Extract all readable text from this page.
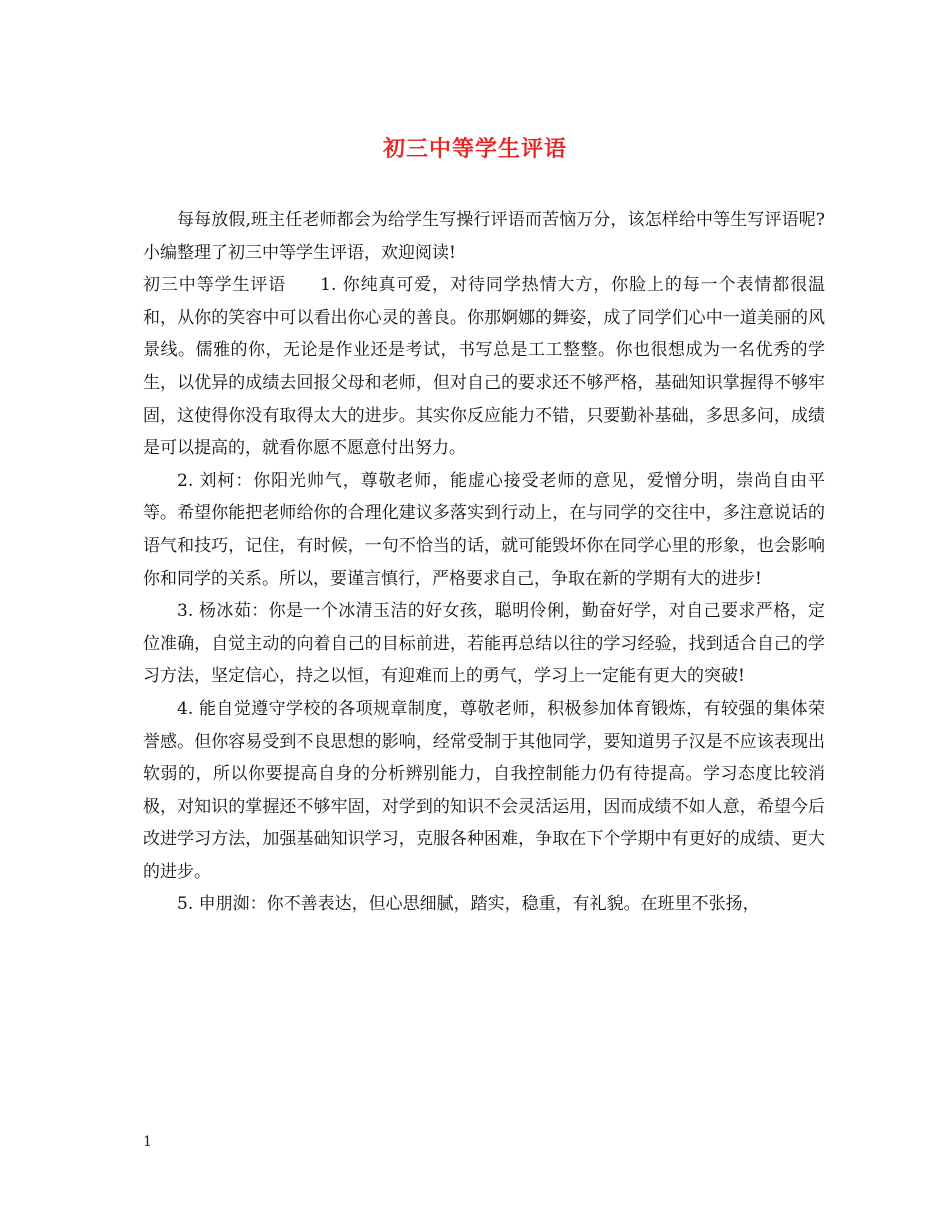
初三中等学生评语

每每放假,班主任老师都会为给学生写操行评语而苦恼万分，该怎样给中等生写评语呢?小编整理了初三中等学生评语，欢迎阅读!

初三中等学生评语 1. 你纯真可爱，对待同学热情大方，你脸上的每一个表情都很温和，从你的笑容中可以看出你心灵的善良。你那婀娜的舞姿，成了同学们心中一道美丽的风景线。儒雅的你，无论是作业还是考试，书写总是工工整整。你也很想成为一名优秀的学生，以优异的成绩去回报父母和老师，但对自己的要求还不够严格，基础知识掌握得不够牢固，这使得你没有取得太大的进步。其实你反应能力不错，只要勤补基础，多思多问，成绩是可以提高的，就看你愿不愿意付出努力。

2. 刘柯：你阳光帅气，尊敬老师，能虚心接受老师的意见，爱憎分明，崇尚自由平等。希望你能把老师给你的合理化建议多落实到行动上，在与同学的交往中，多注意说话的语气和技巧，记住，有时候，一句不恰当的话，就可能毁坏你在同学心里的形象，也会影响你和同学的关系。所以，要谨言慎行，严格要求自己，争取在新的学期有大的进步!

3. 杨冰茹：你是一个冰清玉洁的好女孩，聪明伶俐，勤奋好学，对自己要求严格，定位准确，自觉主动的向着自己的目标前进，若能再总结以往的学习经验，找到适合自己的学习方法，坚定信心，持之以恒，有迎难而上的勇气，学习上一定能有更大的突破!

4. 能自觉遵守学校的各项规章制度，尊敬老师，积极参加体育锻炼，有较强的集体荣誉感。但你容易受到不良思想的影响，经常受制于其他同学，要知道男子汉是不应该表现出软弱的，所以你要提高自身的分析辨别能力，自我控制能力仍有待提高。学习态度比较消极，对知识的掌握还不够牢固，对学到的知识不会灵活运用，因而成绩不如人意，希望今后改进学习方法，加强基础知识学习，克服各种困难，争取在下个学期中有更好的成绩、更大的进步。

5. 申朋洳：你不善表达，但心思细腻，踏实，稳重，有礼貌。在班里不张扬，

1
